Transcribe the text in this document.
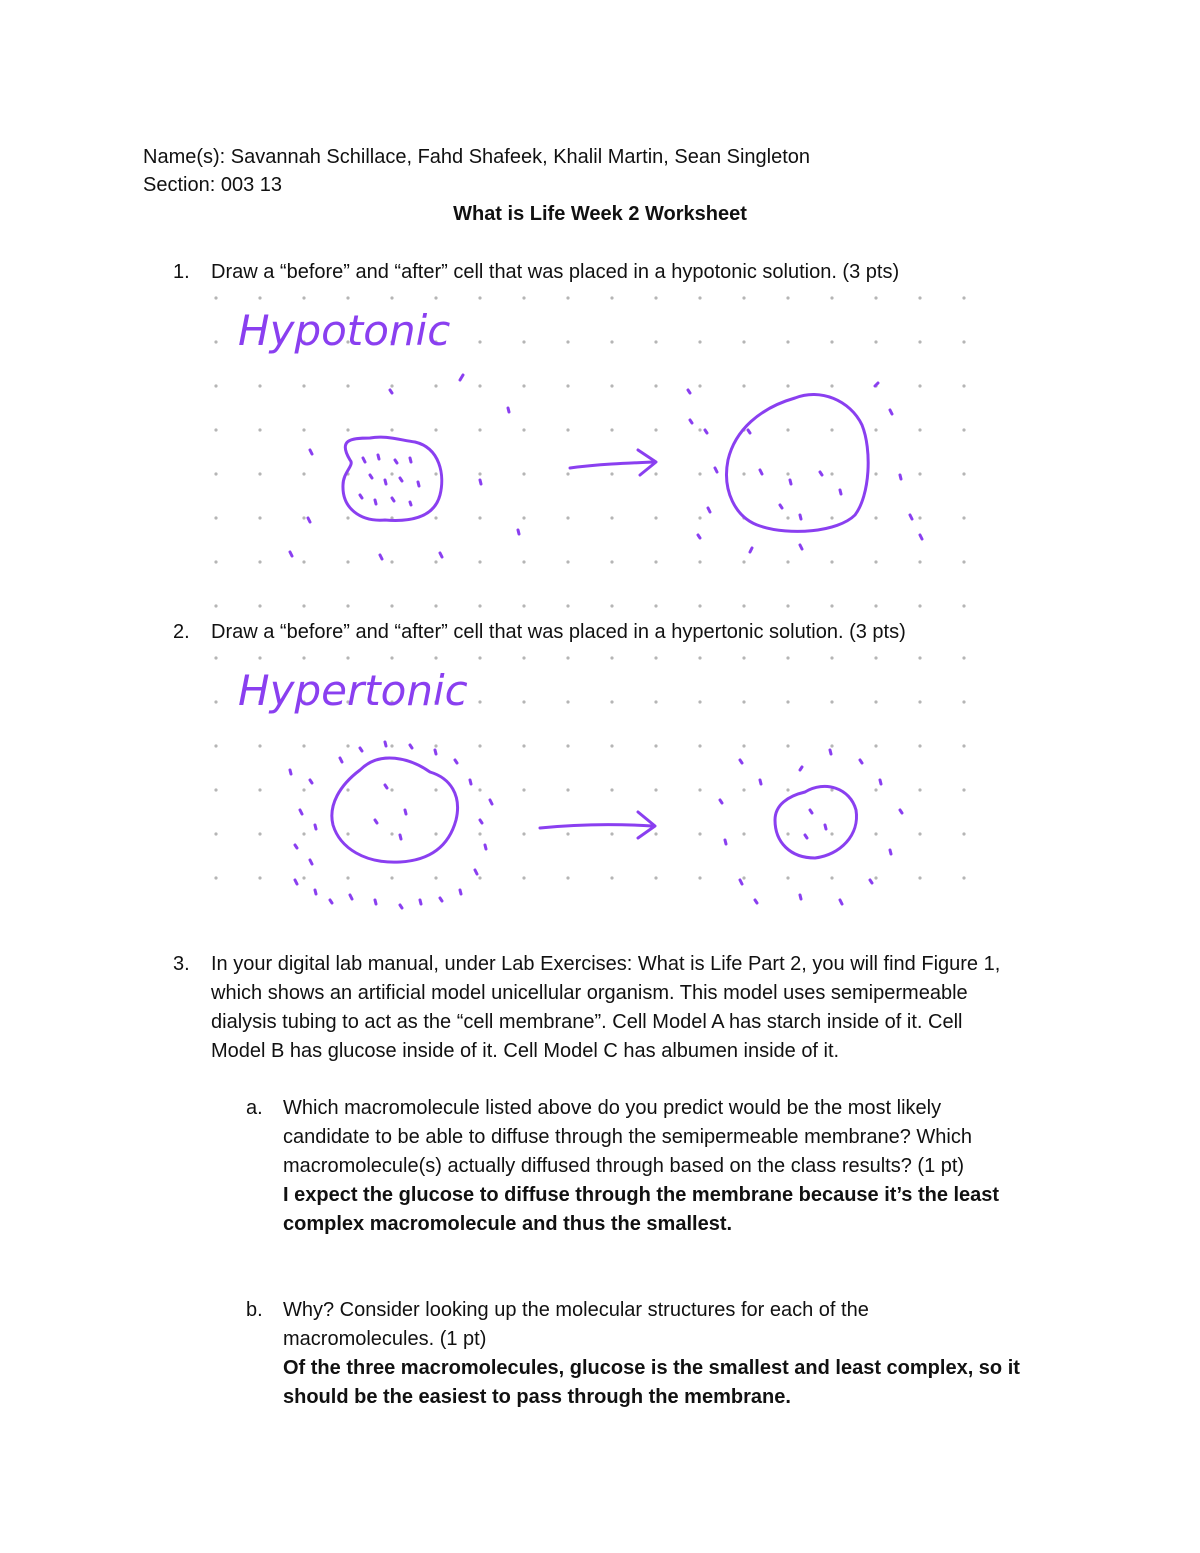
Name(s): Savannah Schillace, Fahd Shafeek, Khalil Martin, Sean Singleton
Section: 003 13
What is Life Week 2 Worksheet
1. Draw a “before” and “after” cell that was placed in a hypotonic solution. (3 pts)
Hypotonic
2. Draw a “before” and “after” cell that was placed in a hypertonic solution. (3 pts)
Hypertonic
3. In your digital lab manual, under Lab Exercises: What is Life Part 2, you will find Figure 1,
which shows an artificial model unicellular organism. This model uses semipermeable
dialysis tubing to act as the “cell membrane”. Cell Model A has starch inside of it. Cell
Model B has glucose inside of it. Cell Model C has albumen inside of it.
a. Which macromolecule listed above do you predict would be the most likely
candidate to be able to diffuse through the semipermeable membrane? Which
macromolecule(s) actually diffused through based on the class results? (1 pt)
I expect the glucose to diffuse through the membrane because it’s the least
complex macromolecule and thus the smallest.
b. Why? Consider looking up the molecular structures for each of the
macromolecules. (1 pt)
Of the three macromolecules, glucose is the smallest and least complex, so it
should be the easiest to pass through the membrane.
